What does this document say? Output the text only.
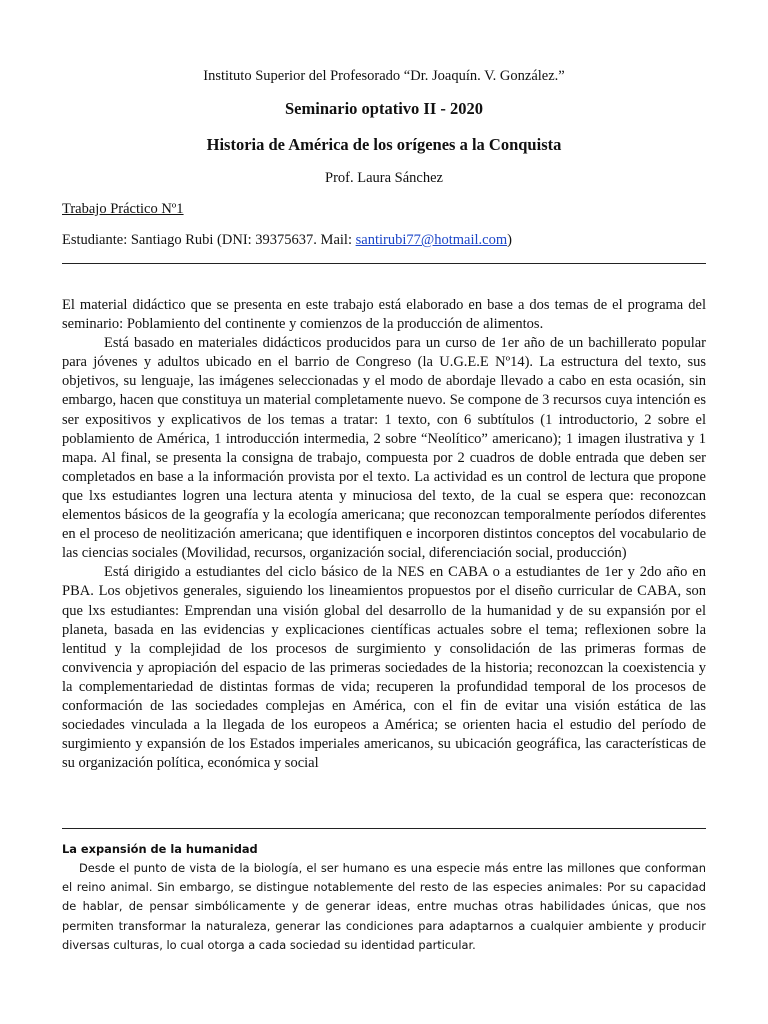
Instituto Superior del Profesorado “Dr. Joaquín. V. González.”

Seminario optativo II - 2020

Historia de América de los orígenes a la Conquista

Prof. Laura Sánchez

Trabajo Práctico Nº1

Estudiante: Santiago Rubi (DNI: 39375637. Mail: santirubi77@hotmail.com)

El material didáctico que se presenta en este trabajo está elaborado en base a dos temas de el programa del seminario: Poblamiento del continente y comienzos de la producción de alimentos.

Está basado en materiales didácticos producidos para un curso de 1er año de un bachillerato popular para jóvenes y adultos ubicado en el barrio de Congreso (la U.G.E.E Nº14). La estructura del texto, sus objetivos, su lenguaje, las imágenes seleccionadas y el modo de abordaje llevado a cabo en esta ocasión, sin embargo, hacen que constituya un material completamente nuevo. Se compone de 3 recursos cuya intención es ser expositivos y explicativos de los temas a tratar: 1 texto, con 6 subtítulos (1 introductorio, 2 sobre el poblamiento de América, 1 introducción intermedia, 2 sobre “Neolítico” americano); 1 imagen ilustrativa y 1 mapa. Al final, se presenta la consigna de trabajo, compuesta por 2 cuadros de doble entrada que deben ser completados en base a la información provista por el texto. La actividad es un control de lectura que propone que lxs estudiantes logren una lectura atenta y minuciosa del texto, de la cual se espera que: reconozcan elementos básicos de la geografía y la ecología americana; que reconozcan temporalmente períodos diferentes en el proceso de neolitización americana; que identifiquen e incorporen distintos conceptos del vocabulario de las ciencias sociales (Movilidad, recursos, organización social, diferenciación social, producción)

Está dirigido a estudiantes del ciclo básico de la NES en CABA o a estudiantes de 1er y 2do año en PBA. Los objetivos generales, siguiendo los lineamientos propuestos por el diseño curricular de CABA, son que lxs estudiantes: Emprendan una visión global del desarrollo de la humanidad y de su expansión por el planeta, basada en las evidencias y explicaciones científicas actuales sobre el tema; reflexionen sobre la lentitud y la complejidad de los procesos de surgimiento y consolidación de las primeras formas de convivencia y apropiación del espacio de las primeras sociedades de la historia; reconozcan la coexistencia y la complementariedad de distintas formas de vida; recuperen la profundidad temporal de los procesos de conformación de las sociedades complejas en América, con el fin de evitar una visión estática de las sociedades vinculada a la llegada de los europeos a América; se orienten hacia el estudio del período de surgimiento y expansión de los Estados imperiales americanos, su ubicación geográfica, las características de su organización política, económica y social

La expansión de la humanidad

Desde el punto de vista de la biología, el ser humano es una especie más entre las millones que conforman el reino animal. Sin embargo, se distingue notablemente del resto de las especies animales: Por su capacidad de hablar, de pensar simbólicamente y de generar ideas, entre muchas otras habilidades únicas, que nos permiten transformar la naturaleza, generar las condiciones para adaptarnos a cualquier ambiente y producir diversas culturas, lo cual otorga a cada sociedad su identidad particular.
